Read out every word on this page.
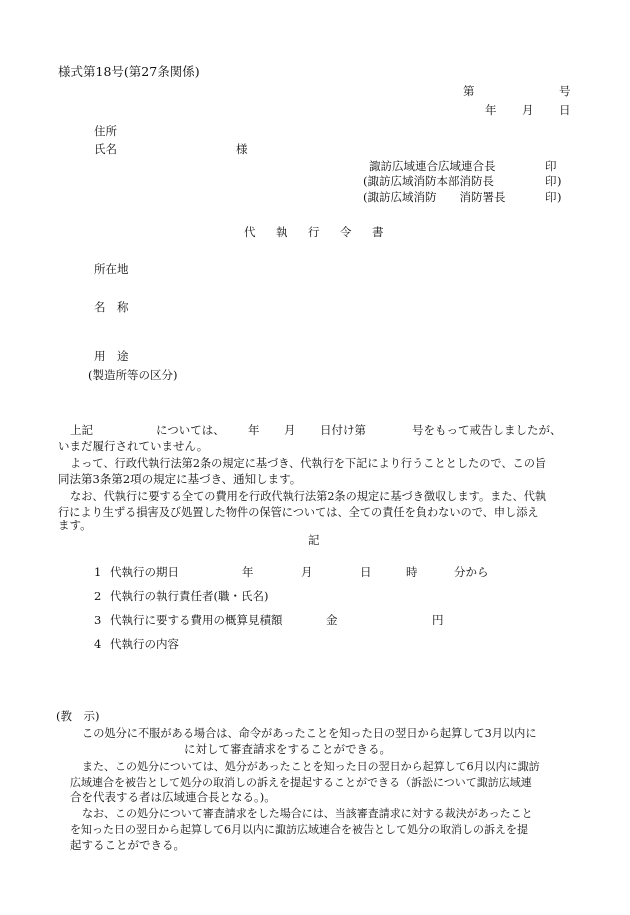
様式第18号(第27条関係)
第	号
年 月 日
住所
氏名	様
諏訪広域連合広域連合長	印
(諏訪広域消防本部消防長	印 )
(諏訪広域消防　　消防署長	印 )
代 執 行 令 書
所在地
名 称
用 途
(製造所等の区分)
上記	については、 年 月 日付け第	号をもって戒告しましたが、
いまだ履行されていません。
よって、行政代執行法第2条の規定に基づき、代執行を下記により行うこととしたので、この旨
同法第3条第2項の規定に基づき、通知します。
なお、代執行に要する全ての費用を行政代執行法第2条の規定に基づき徴収します。また、代執
行により生ずる損害及び処置した物件の保管については、全ての責任を負わないので、申し添え
ます。
記
1 代執行の期日	年	月	日	時	分から
2 代執行の執行責任者(職・氏名)
3 代執行に要する費用の概算見積額	金	円
4 代執行の内容
(教　示)
この処分に不服がある場合は、命令があったことを知った日の翌日から起算して3月以内に
に対して審査請求をすることができる。
また、この処分については、処分があったことを知った日の翌日から起算して6月以内に諏訪
広域連合を被告として処分の取消しの訴えを提起することができる（訴訟について諏訪広域連
合を代表する者は広域連合長となる。)。
なお、この処分について審査請求をした場合には、当該審査請求に対する裁決があったこと
を知った日の翌日から起算して6月以内に諏訪広域連合を被告として処分の取消しの訴えを提
起することができる。
